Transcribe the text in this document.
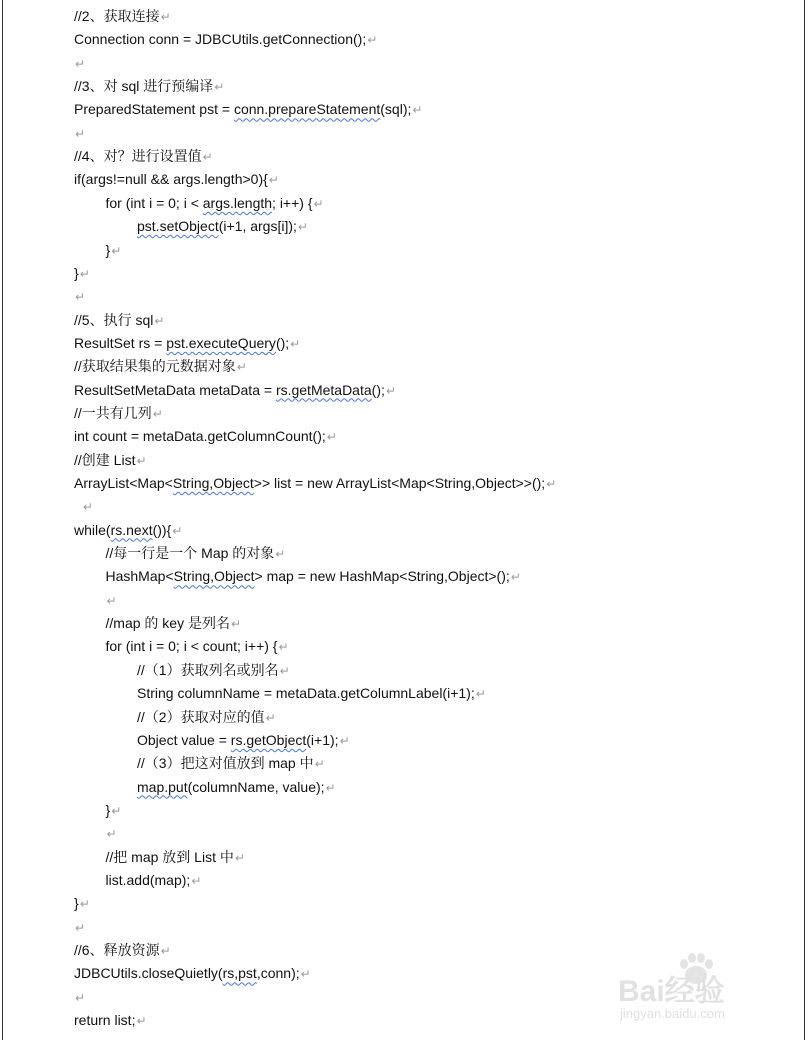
//2、获取连接↵
Connection conn = JDBCUtils.getConnection();↵
↵
//3、对 sql 进行预编译↵
PreparedStatement pst = conn.prepareStatement(sql);↵
↵
//4、对？进行设置值↵
if(args!=null && args.length>0){↵
for (int i = 0; i < args.length; i++) {↵
pst.setObject(i+1, args[i]);↵
}↵
}↵
↵
//5、执行 sql↵
ResultSet rs = pst.executeQuery();↵
//获取结果集的元数据对象↵
ResultSetMetaData metaData = rs.getMetaData();↵
//一共有几列↵
int count = metaData.getColumnCount();↵
//创建 List↵
ArrayList<Map<String,Object>> list = new ArrayList<Map<String,Object>>();↵
↵
while(rs.next()){↵
//每一行是一个 Map 的对象↵
HashMap<String,Object> map = new HashMap<String,Object>();↵
↵
//map 的 key 是列名↵
for (int i = 0; i < count; i++) {↵
//（1）获取列名或别名↵
String columnName = metaData.getColumnLabel(i+1);↵
//（2）获取对应的值↵
Object value = rs.getObject(i+1);↵
//（3）把这对值放到 map 中↵
map.put(columnName, value);↵
}↵
↵
//把 map 放到 List 中↵
list.add(map);↵
}↵
↵
//6、释放资源↵
JDBCUtils.closeQuietly(rs,pst,conn);↵
↵
return list;↵
Bai经验
jingyan.baidu.com
